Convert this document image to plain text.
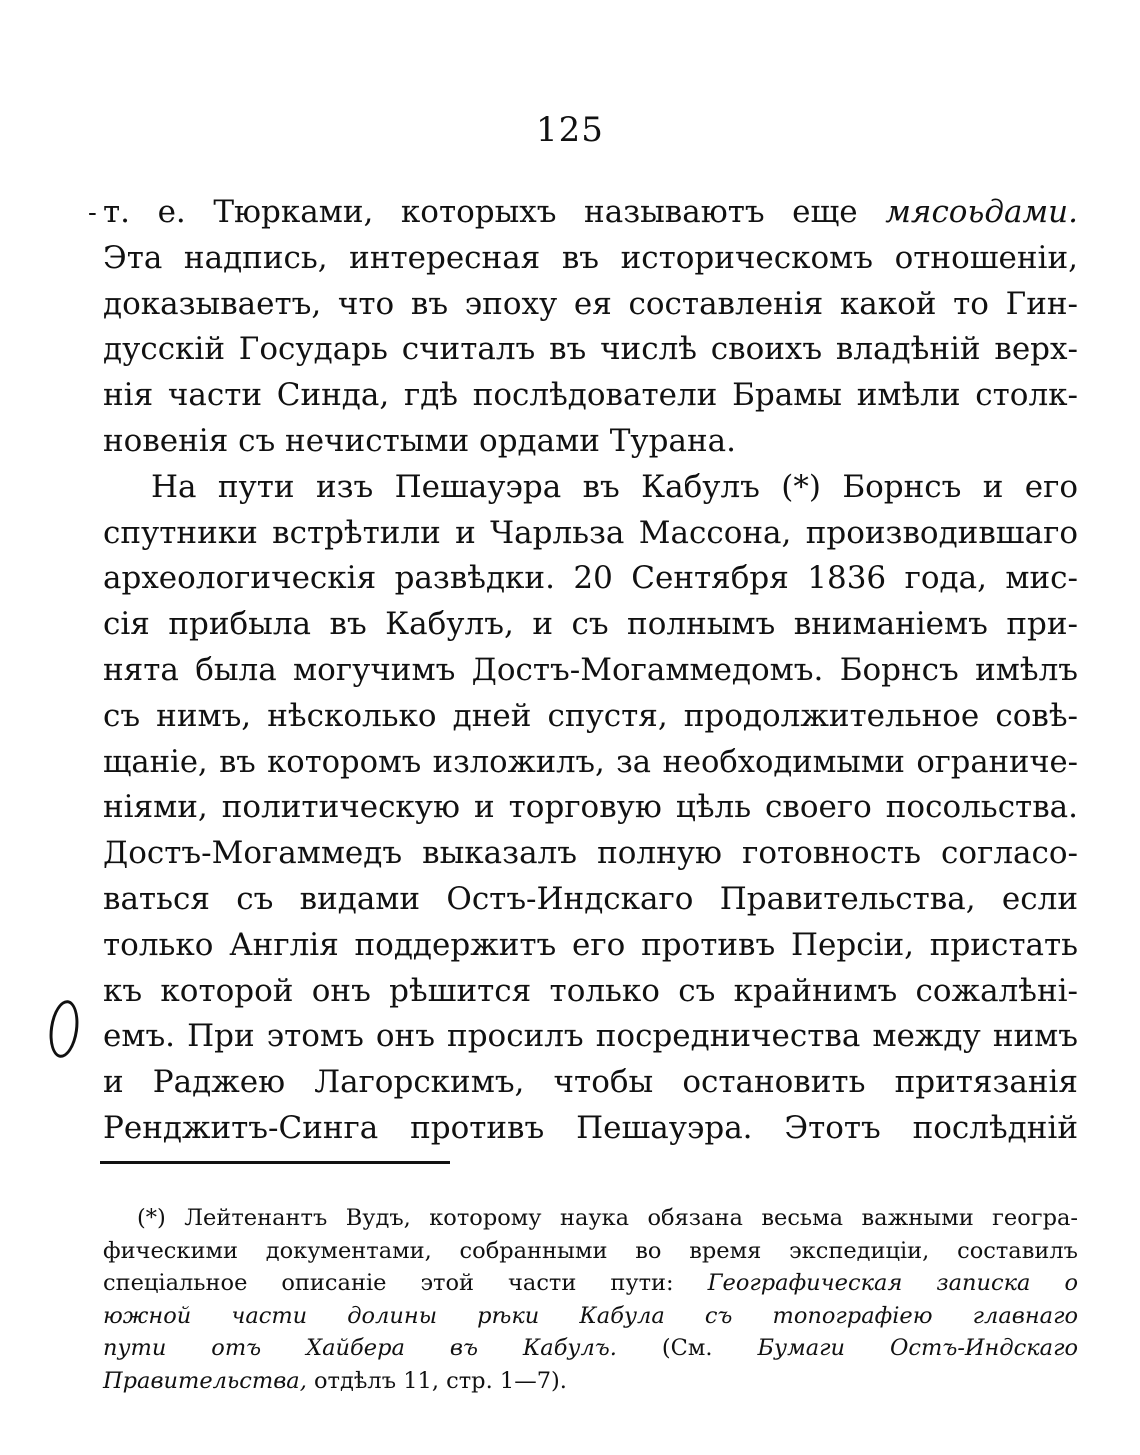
125
- т. е. Тюрками, которыхъ называютъ еще мясоьдами.
Эта надпись, интересная въ историческомъ отношеніи,
доказываетъ, что въ эпоху ея составленія какой то Гин-
дусскій Государь считалъ въ числѣ своихъ владѣній верх-
нія части Синда, гдѣ послѣдователи Брамы имѣли столк-
новенія съ нечистыми ордами Турана.
На пути изъ Пешауэра въ Кабулъ (*) Борнсъ и его
спутники встрѣтили и Чарльза Массона, производившаго
археологическія развѣдки. 20 Сентября 1836 года, мис-
сія прибыла въ Кабулъ, и съ полнымъ вниманіемъ при-
нята была могучимъ Достъ-Могаммедомъ. Борнсъ имѣлъ
съ нимъ, нѣсколько дней спустя, продолжительное совѣ-
щаніе, въ которомъ изложилъ, за необходимыми ограниче-
ніями, политическую и торговую цѣль своего посольства.
Достъ-Могаммедъ выказалъ полную готовность согласо-
ваться съ видами Остъ-Индскаго Правительства, если
только Англія поддержитъ его противъ Персіи, пристать
къ которой онъ рѣшится только съ крайнимъ сожалѣні-
емъ. При этомъ онъ просилъ посредничества между нимъ
и Раджею Лагорскимъ, чтобы остановить притязанія
Ренджитъ-Синга противъ Пешауэра. Этотъ послѣдній
(*) Лейтенантъ Вудъ, которому наука обязана весьма важными геогра-
фическими документами, собранными во время экспедиціи, составилъ
спеціальное описаніе этой части пути: Географическая записка о
южной части долины рѣки Кабула съ топографіею главнаго
пути отъ Хайбера въ Кабулъ. (См. Бумаги Остъ-Индскаго
Правительства, отдѣлъ 11, стр. 1—7).
